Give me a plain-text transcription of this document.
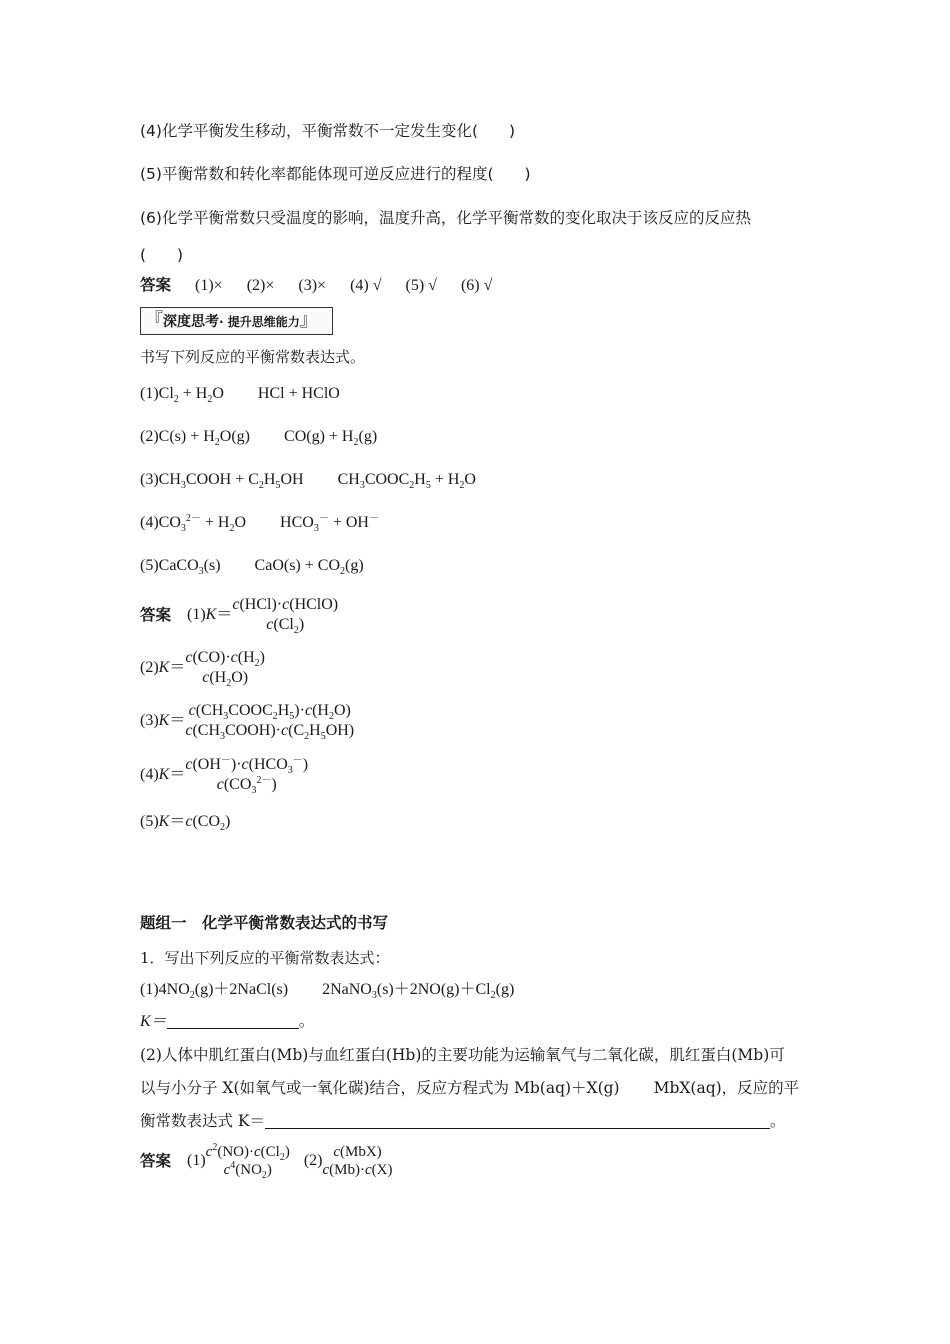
(4)化学平衡发生移动，平衡常数不一定发生变化(　　)
(5)平衡常数和转化率都能体现可逆反应进行的程度(　　)
(6)化学平衡常数只受温度的影响，温度升高，化学平衡常数的变化取决于该反应的反应热
(　　)
答案 (1)× (2)× (3)× (4) √ (5) √ (6) √
『深度思考· 提升思维能力』
书写下列反应的平衡常数表达式。
$(1)Cl_2 + H_2O$ HCl + HClO
$(2)C(s) + H_2O(g) CO(g) + H_2(g)$
$(3)CH_3COOH + C_2H_5OH$ $CH_3COOC_2H_5 + H_2O$
$(4)CO_3^{2-} + H_2O$ $HCO_3^- + OH^-$
(5)CaCO$_3$(s) $CaO(s) + CO_2(g)$
答案 (1)K＝
c(HCl)·c(HClO)
$c(Cl_2)$
(2)K＝
$c(CO)\cdot c(H_2)$
$c(H_2O)$
(3)K＝
$c(CH_3COOC_2H_5)\cdot c(H_2O)$
$c(CH_3COOH)\cdot c(C_2H_5OH)$
(4)K＝
$c(OH^-)\cdot c(HCO_3^-)$
$c(CO_3^{2-})$
$(5)K=c(CO_2)$
题组一　化学平衡常数表达式的书写
1．写出下列反应的平衡常数表达式：
$(1)4NO_2(g)+2NaCl(s)$ $2NaNO_3(s)+2NO(g)+Cl_2(g)$
K＝	。
(2)人体中肌红蛋白(Mb)与血红蛋白(Hb)的主要功能为运输氧气与二氧化碳，肌红蛋白(Mb)可
以与小分子 X(如氧气或一氧化碳)结合，反应方程式为 Mb(aq)＋X(g) MbX(aq)，反应的平
衡常数表达式 K＝	。
答案 (1) $c^2(NO)\cdot c(Cl_2)$
$c^4(NO_2)$
(2) c(MbX)
c(Mb)·c(X)
